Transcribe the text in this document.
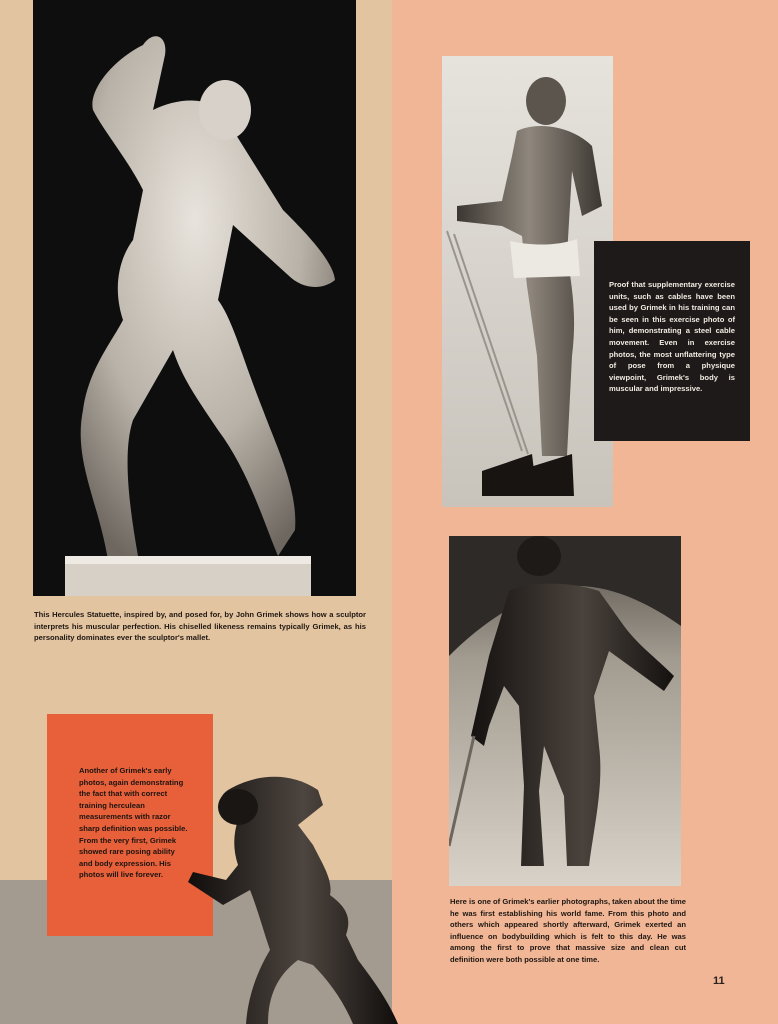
This Hercules Statuette, inspired by, and posed for, by John Grimek shows how a sculptor interprets his muscular perfection. His chiselled likeness remains typically Grimek, as his personality dominates ever the sculptor's mallet.
Proof that supplementary exercise units, such as cables have been used by Grimek in his training can be seen in this exercise photo of him, demonstrating a steel cable movement. Even in exercise photos, the most unflattering type of pose from a physique viewpoint, Grimek's body is muscular and impressive.
Here is one of Grimek's earlier photographs, taken about the time he was first establishing his world fame. From this photo and others which appeared shortly afterward, Grimek exerted an influence on bodybuilding which is felt to this day. He was among the first to prove that massive size and clean cut definition were both possible at one time.
Another of Grimek's early photos, again demonstrating the fact that with correct training herculean measurements with razor sharp definition was possible. From the very first, Grimek showed rare posing ability and body expression. His photos will live forever.
11
